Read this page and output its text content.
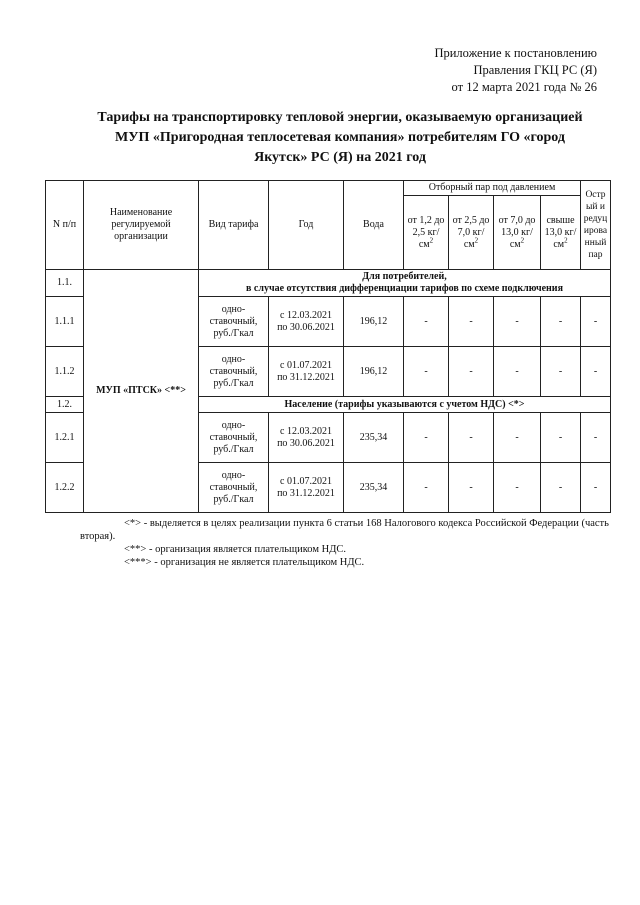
Приложение к постановлению
Правления ГКЦ РС (Я)
от 12 марта 2021 года № 26
Тарифы на транспортировку тепловой энергии, оказываемую организацией
МУП «Пригородная теплосетевая компания» потребителям ГО «город
Якутск» РС (Я) на 2021 год
N п/п	Наименование регулируемой организации	Вид тарифа	Год	Вода	Отборный пар под давлением				Острый и редуцированный пар
					от 1,2 до 2,5 кг/ $см^2$	от 2,5 до 7,0 кг/ $см^2$	от 7,0 до 13,0 кг/ $см^2$	свыше 13,0 кг/ $см^2$
1.1.	МУП «ПТСК» <**>	Для потребителей,
в случае отсутствия дифференциации тарифов по схеме подключения							

1.1.1		одно-ставочный, руб./Гкал	с 12.03.2021
по 30.06.2021	196,12	-	-	-	-	-
1.1.2		одно-ставочный, руб./Гкал	с 01.07.2021
по 31.12.2021	196,12	-	-	-	-	-
1.2.		Население (тарифы указываются с учетом НДС) <*>							
1.2.1		одно-ставочный, руб./Гкал	с 12.03.2021
по 30.06.2021	235,34	-	-	-	-	-
1.2.2		одно-ставочный, руб./Гкал	с 01.07.2021
по 31.12.2021	235,34	-	-	-	-	-

<*> - выделяется в целях реализации пункта 6 статьи 168 Налогового кодекса Российской Федерации (часть вторая).

<**> - организация является плательщиком НДС.

<***> - организация не является плательщиком НДС.
